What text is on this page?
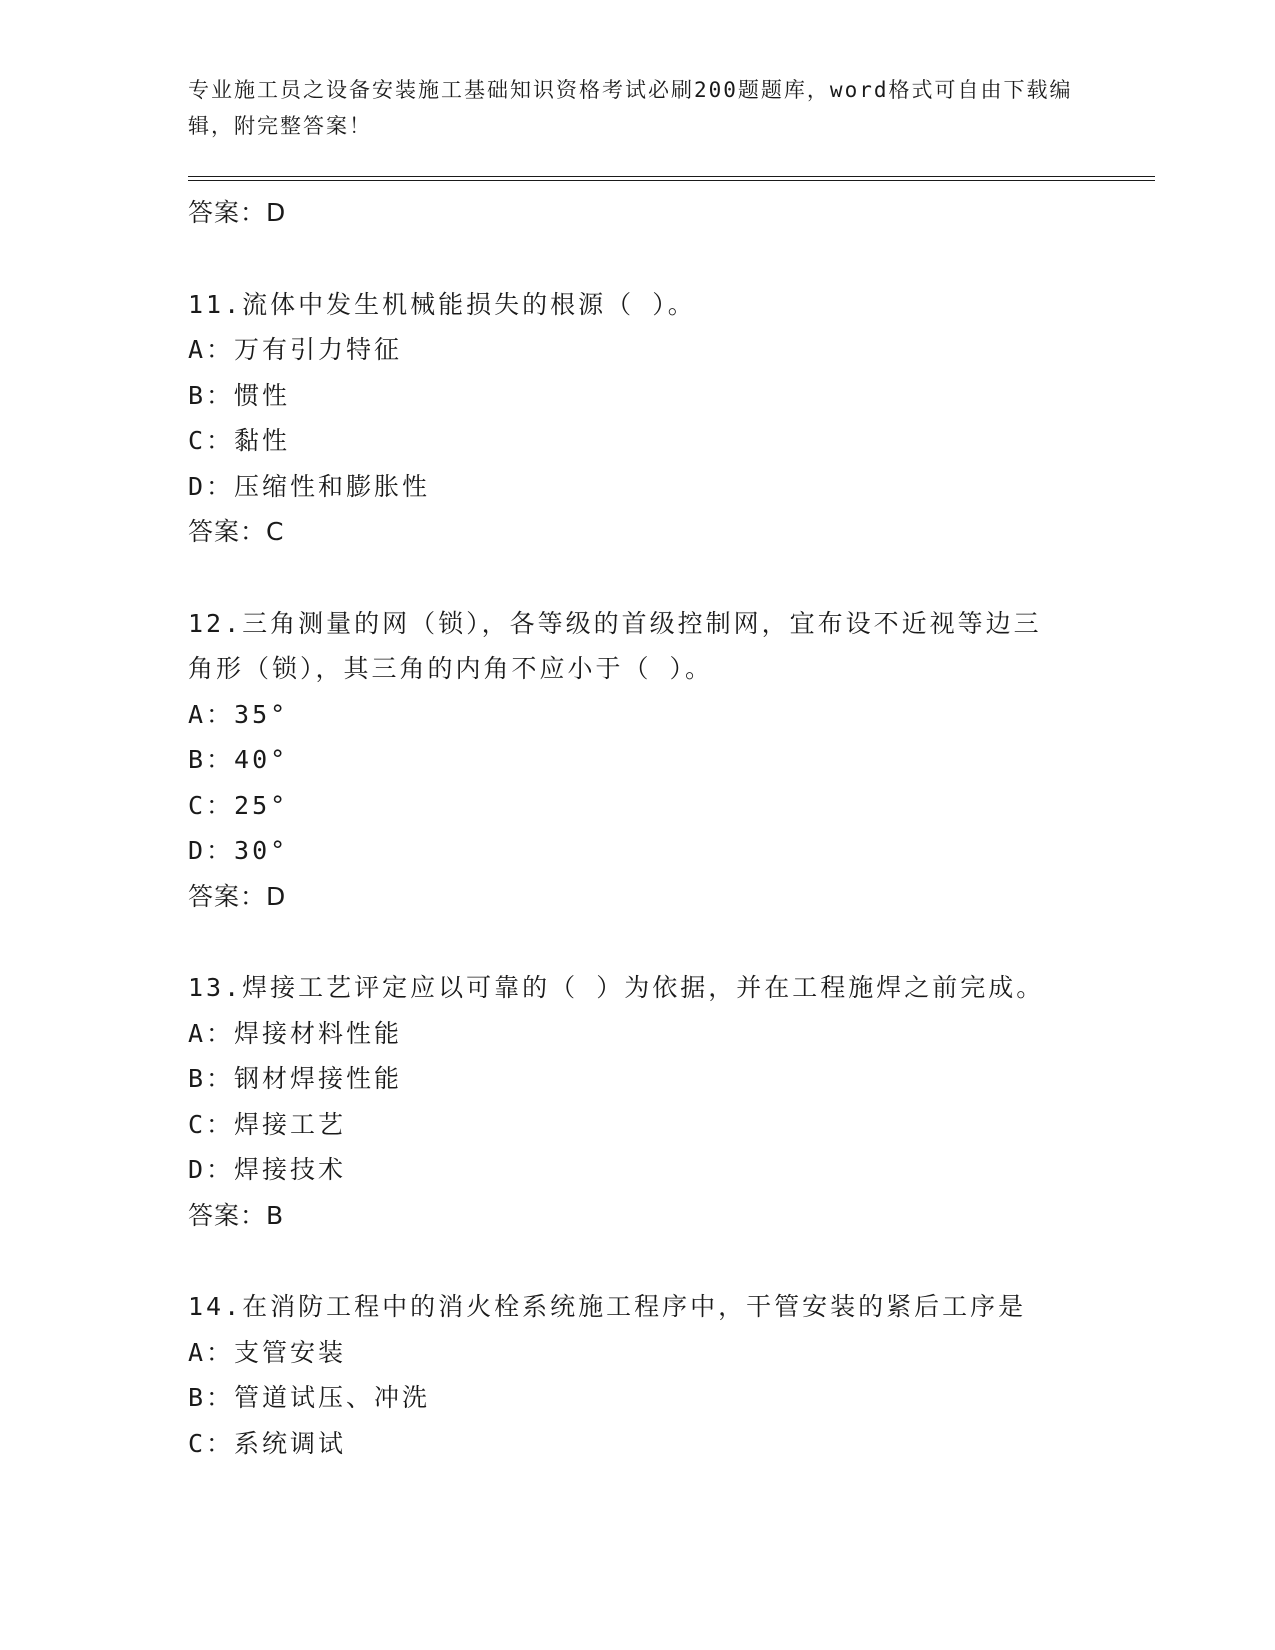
专业施工员之设备安装施工基础知识资格考试必刷200题题库，word格式可自由下载编辑，附完整答案！
答案：D
11.流体中发生机械能损失的根源（ ）。
A：万有引力特征
B：惯性
C：黏性
D：压缩性和膨胀性
答案：C
12.三角测量的网（锁），各等级的首级控制网，宜布设不近视等边三
角形（锁），其三角的内角不应小于（ ）。
A：35°
B：40°
C：25°
D：30°
答案：D
13.焊接工艺评定应以可靠的（ ）为依据，并在工程施焊之前完成。
A：焊接材料性能
B：钢材焊接性能
C：焊接工艺
D：焊接技术
答案：B
14.在消防工程中的消火栓系统施工程序中，干管安装的紧后工序是
A：支管安装
B：管道试压、冲洗
C：系统调试
